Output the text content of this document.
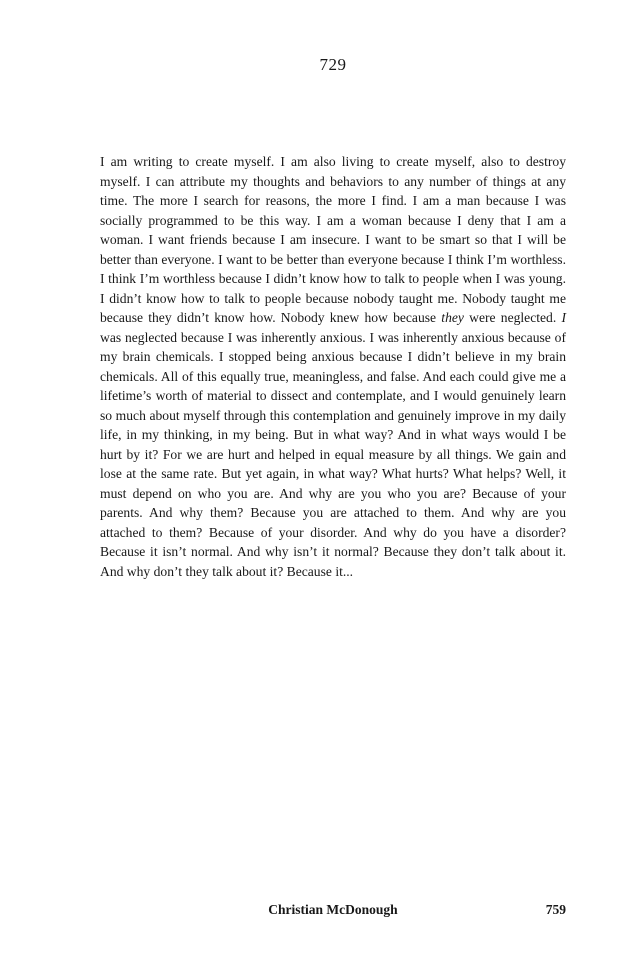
729
I am writing to create myself. I am also living to create myself, also to destroy myself. I can attribute my thoughts and behaviors to any number of things at any time. The more I search for reasons, the more I find. I am a man because I was socially programmed to be this way. I am a woman because I deny that I am a woman. I want friends because I am insecure. I want to be smart so that I will be better than everyone. I want to be better than everyone because I think I’m worthless. I think I’m worthless because I didn’t know how to talk to people when I was young. I didn’t know how to talk to people because nobody taught me. Nobody taught me because they didn’t know how. Nobody knew how because they were neglected. I was neglected because I was inherently anxious. I was inherently anxious because of my brain chemicals. I stopped being anxious because I didn’t believe in my brain chemicals. All of this equally true, meaningless, and false. And each could give me a lifetime’s worth of material to dissect and contemplate, and I would genuinely learn so much about myself through this contemplation and genuinely improve in my daily life, in my thinking, in my being. But in what way? And in what ways would I be hurt by it? For we are hurt and helped in equal measure by all things. We gain and lose at the same rate. But yet again, in what way? What hurts? What helps? Well, it must depend on who you are. And why are you who you are? Because of your parents. And why them? Because you are attached to them. And why are you attached to them? Because of your disorder. And why do you have a disorder? Because it isn’t normal. And why isn’t it normal? Because they don’t talk about it. And why don’t they talk about it? Because it...
Christian McDonough	759
